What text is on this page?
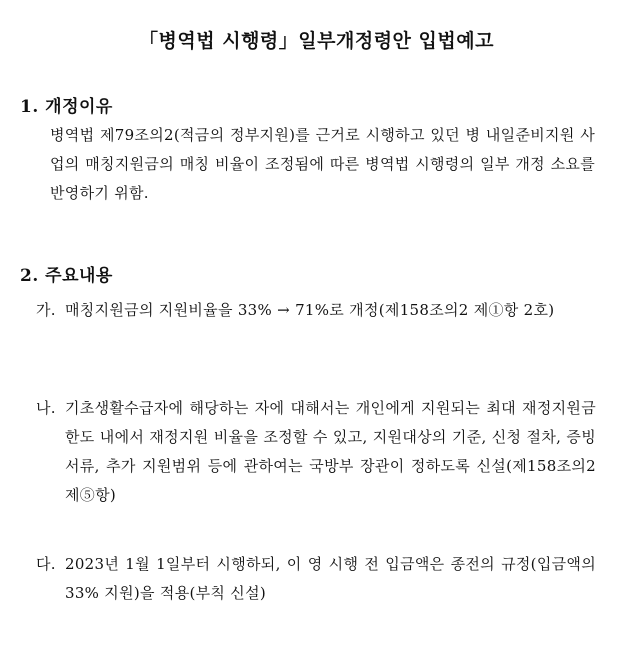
「병역법 시행령」일부개정령안 입법예고
1. 개정이유
병역법 제79조의2(적금의 정부지원)를 근거로 시행하고 있던 병 내일준비지원 사업의 매칭지원금의 매칭 비율이 조정됨에 따른 병역법 시행령의 일부 개정 소요를 반영하기 위함.
2. 주요내용
가. 매칭지원금의 지원비율을 33% → 71%로 개정(제158조의2 제①항 2호)
나. 기초생활수급자에 해당하는 자에 대해서는 개인에게 지원되는 최대 재정지원금 한도 내에서 재정지원 비율을 조정할 수 있고, 지원대상의 기준, 신청 절차, 증빙서류, 추가 지원범위 등에 관하여는 국방부 장관이 정하도록 신설(제158조의2 제⑤항)
다. 2023년 1월 1일부터 시행하되, 이 영 시행 전 입금액은 종전의 규정(입금액의 33% 지원)을 적용(부칙 신설)
